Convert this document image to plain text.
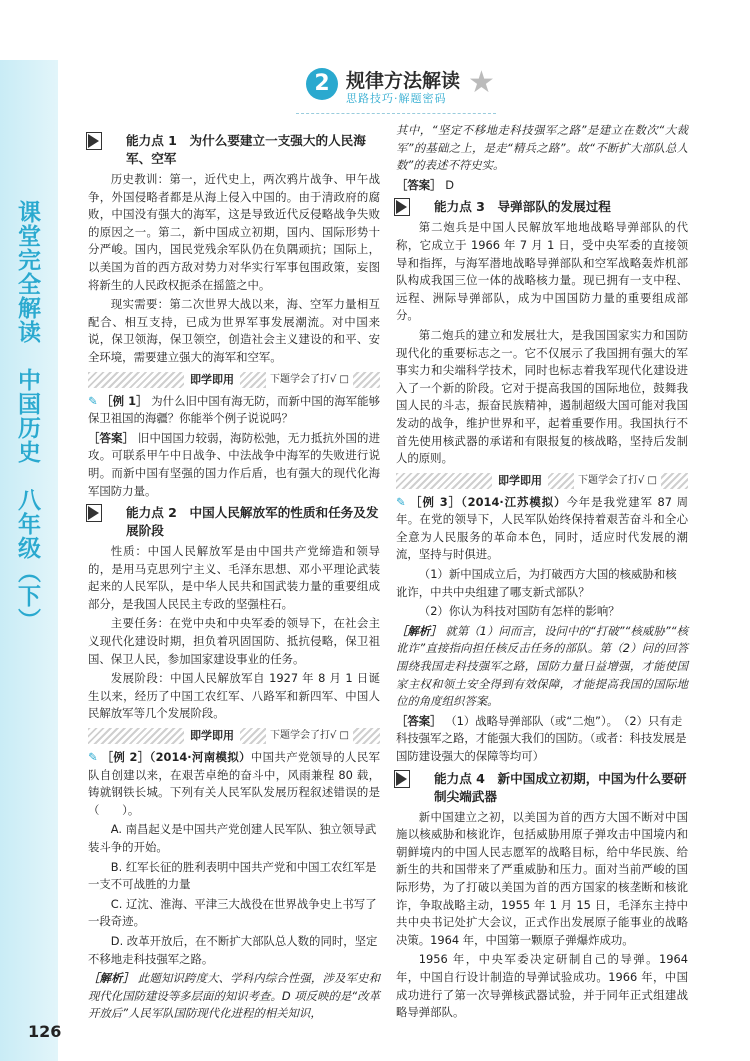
课堂完全解读　中国历史　八年级（下）
126
2 规律方法解读
思路技巧·解题密码 ★
能力点 1　 为什么要建立一支强大的人民海军、空军

历史教训：第一，近代史上，两次鸦片战争、甲午战争，外国侵略者都是从海上侵入中国的。由于清政府的腐败，中国没有强大的海军，这是导致近代反侵略战争失败的原因之一。第二，新中国成立初期，国内、国际形势十分严峻。国内，国民党残余军队仍在负隅顽抗；国际上，以美国为首的西方敌对势力对华实行军事包围政策，妄图将新生的人民政权扼杀在摇篮之中。

现实需要：第二次世界大战以来，海、空军力量相互配合、相互支持，已成为世界军事发展潮流。对中国来说，保卫领海，保卫领空，创造社会主义建设的和平、安全环境，需要建立强大的海军和空军。

即学即用	下题学会了打√ □

✎ ［例 1］ 为什么旧中国有海无防，而新中国的海军能够保卫祖国的海疆？你能举个例子说说吗？

［答案］ 旧中国国力较弱，海防松弛，无力抵抗外国的进攻。可联系甲午中日战争、中法战争中海军的失败进行说明。而新中国有坚强的国力作后盾，也有强大的现代化海军国防力量。

能力点 2　 中国人民解放军的性质和任务及发展阶段

性质：中国人民解放军是由中国共产党缔造和领导的，是用马克思列宁主义、毛泽东思想、邓小平理论武装起来的人民军队，是中华人民共和国武装力量的重要组成部分，是我国人民民主专政的坚强柱石。

主要任务：在党中央和中央军委的领导下，在社会主义现代化建设时期，担负着巩固国防、抵抗侵略，保卫祖国、保卫人民，参加国家建设事业的任务。

发展阶段：中国人民解放军自 1927 年 8 月 1 日诞生以来，经历了中国工农红军、八路军和新四军、中国人民解放军等几个发展阶段。

即学即用	下题学会了打√ □

✎ ［例 2］（2014·河南模拟）中国共产党领导的人民军队自创建以来，在艰苦卓绝的奋斗中，风雨兼程 80 载，铸就钢铁长城。下列有关人民军队发展历程叙述错误的是（　　）。

A. 南昌起义是中国共产党创建人民军队、独立领导武装斗争的开始。

B. 红军长征的胜利表明中国共产党和中国工农红军是一支不可战胜的力量

C. 辽沈、淮海、平津三大战役在世界战争史上书写了一段奇迹。

D. 改革开放后，在不断扩大部队总人数的同时，坚定不移地走科技强军之路。

［解析］ 此题知识跨度大、学科内综合性强，涉及军史和现代化国防建设等多层面的知识考查。D 项反映的是“改革开放后”人民军队国防现代化进程的相关知识，

其中，“坚定不移地走科技强军之路”是建立在数次“大裁军”的基础之上，是走“精兵之路”。故“不断扩大部队总人数”的表述不符史实。

［答案］ D

能力点 3　 导弹部队的发展过程

第二炮兵是中国人民解放军地地战略导弹部队的代称，它成立于 1966 年 7 月 1 日，受中央军委的直接领导和指挥，与海军潜地战略导弹部队和空军战略轰炸机部队构成我国三位一体的战略核力量。现已拥有一支中程、远程、洲际导弹部队，成为中国国防力量的重要组成部分。

第二炮兵的建立和发展壮大，是我国国家实力和国防现代化的重要标志之一。它不仅展示了我国拥有强大的军事实力和尖端科学技术，同时也标志着我军现代化建设进入了一个新的阶段。它对于提高我国的国际地位，鼓舞我国人民的斗志，振奋民族精神，遏制超级大国可能对我国发动的战争，维护世界和平，起着重要作用。我国执行不首先使用核武器的承诺和有限报复的核战略，坚持后发制人的原则。

即学即用	下题学会了打√ □

✎ ［例 3］（2014·江苏模拟）今年是我党建军 87 周年。在党的领导下，人民军队始终保持着艰苦奋斗和全心全意为人民服务的革命本色，同时，适应时代发展的潮流，坚持与时俱进。

（1）新中国成立后，为打破西方大国的核威胁和核讹诈，中共中央组建了哪支新式部队？

（2）你认为科技对国防有怎样的影响？

［解析］ 就第（1）问而言，设问中的“打破”“核威胁”“核讹诈”直接指向担任核反击任务的部队。第（2）问的回答围绕我国走科技强军之路，国防力量日益增强，才能使国家主权和领土安全得到有效保障，才能提高我国的国际地位的角度组织答案。

［答案］ （1）战略导弹部队（或“二炮”）。　（2）只有走科技强军之路，才能强大我们的国防。（或者：科技发展是国防建设强大的保障等均可）

能力点 4　 新中国成立初期，中国为什么要研制尖端武器

新中国建立之初，以美国为首的西方大国不断对中国施以核威胁和核讹诈，包括威胁用原子弹攻击中国境内和朝鲜境内的中国人民志愿军的战略目标，给中华民族、给新生的共和国带来了严重威胁和压力。面对当前严峻的国际形势，为了打破以美国为首的西方国家的核垄断和核讹诈，争取战略主动，1955 年 1 月 15 日，毛泽东主持中共中央书记处扩大会议，正式作出发展原子能事业的战略决策。1964 年，中国第一颗原子弹爆炸成功。

1956 年，中央军委决定研制自己的导弹。1964 年，中国自行设计制造的导弹试验成功。1966 年，中国成功进行了第一次导弹核武器试验，并于同年正式组建战略导弹部队。
